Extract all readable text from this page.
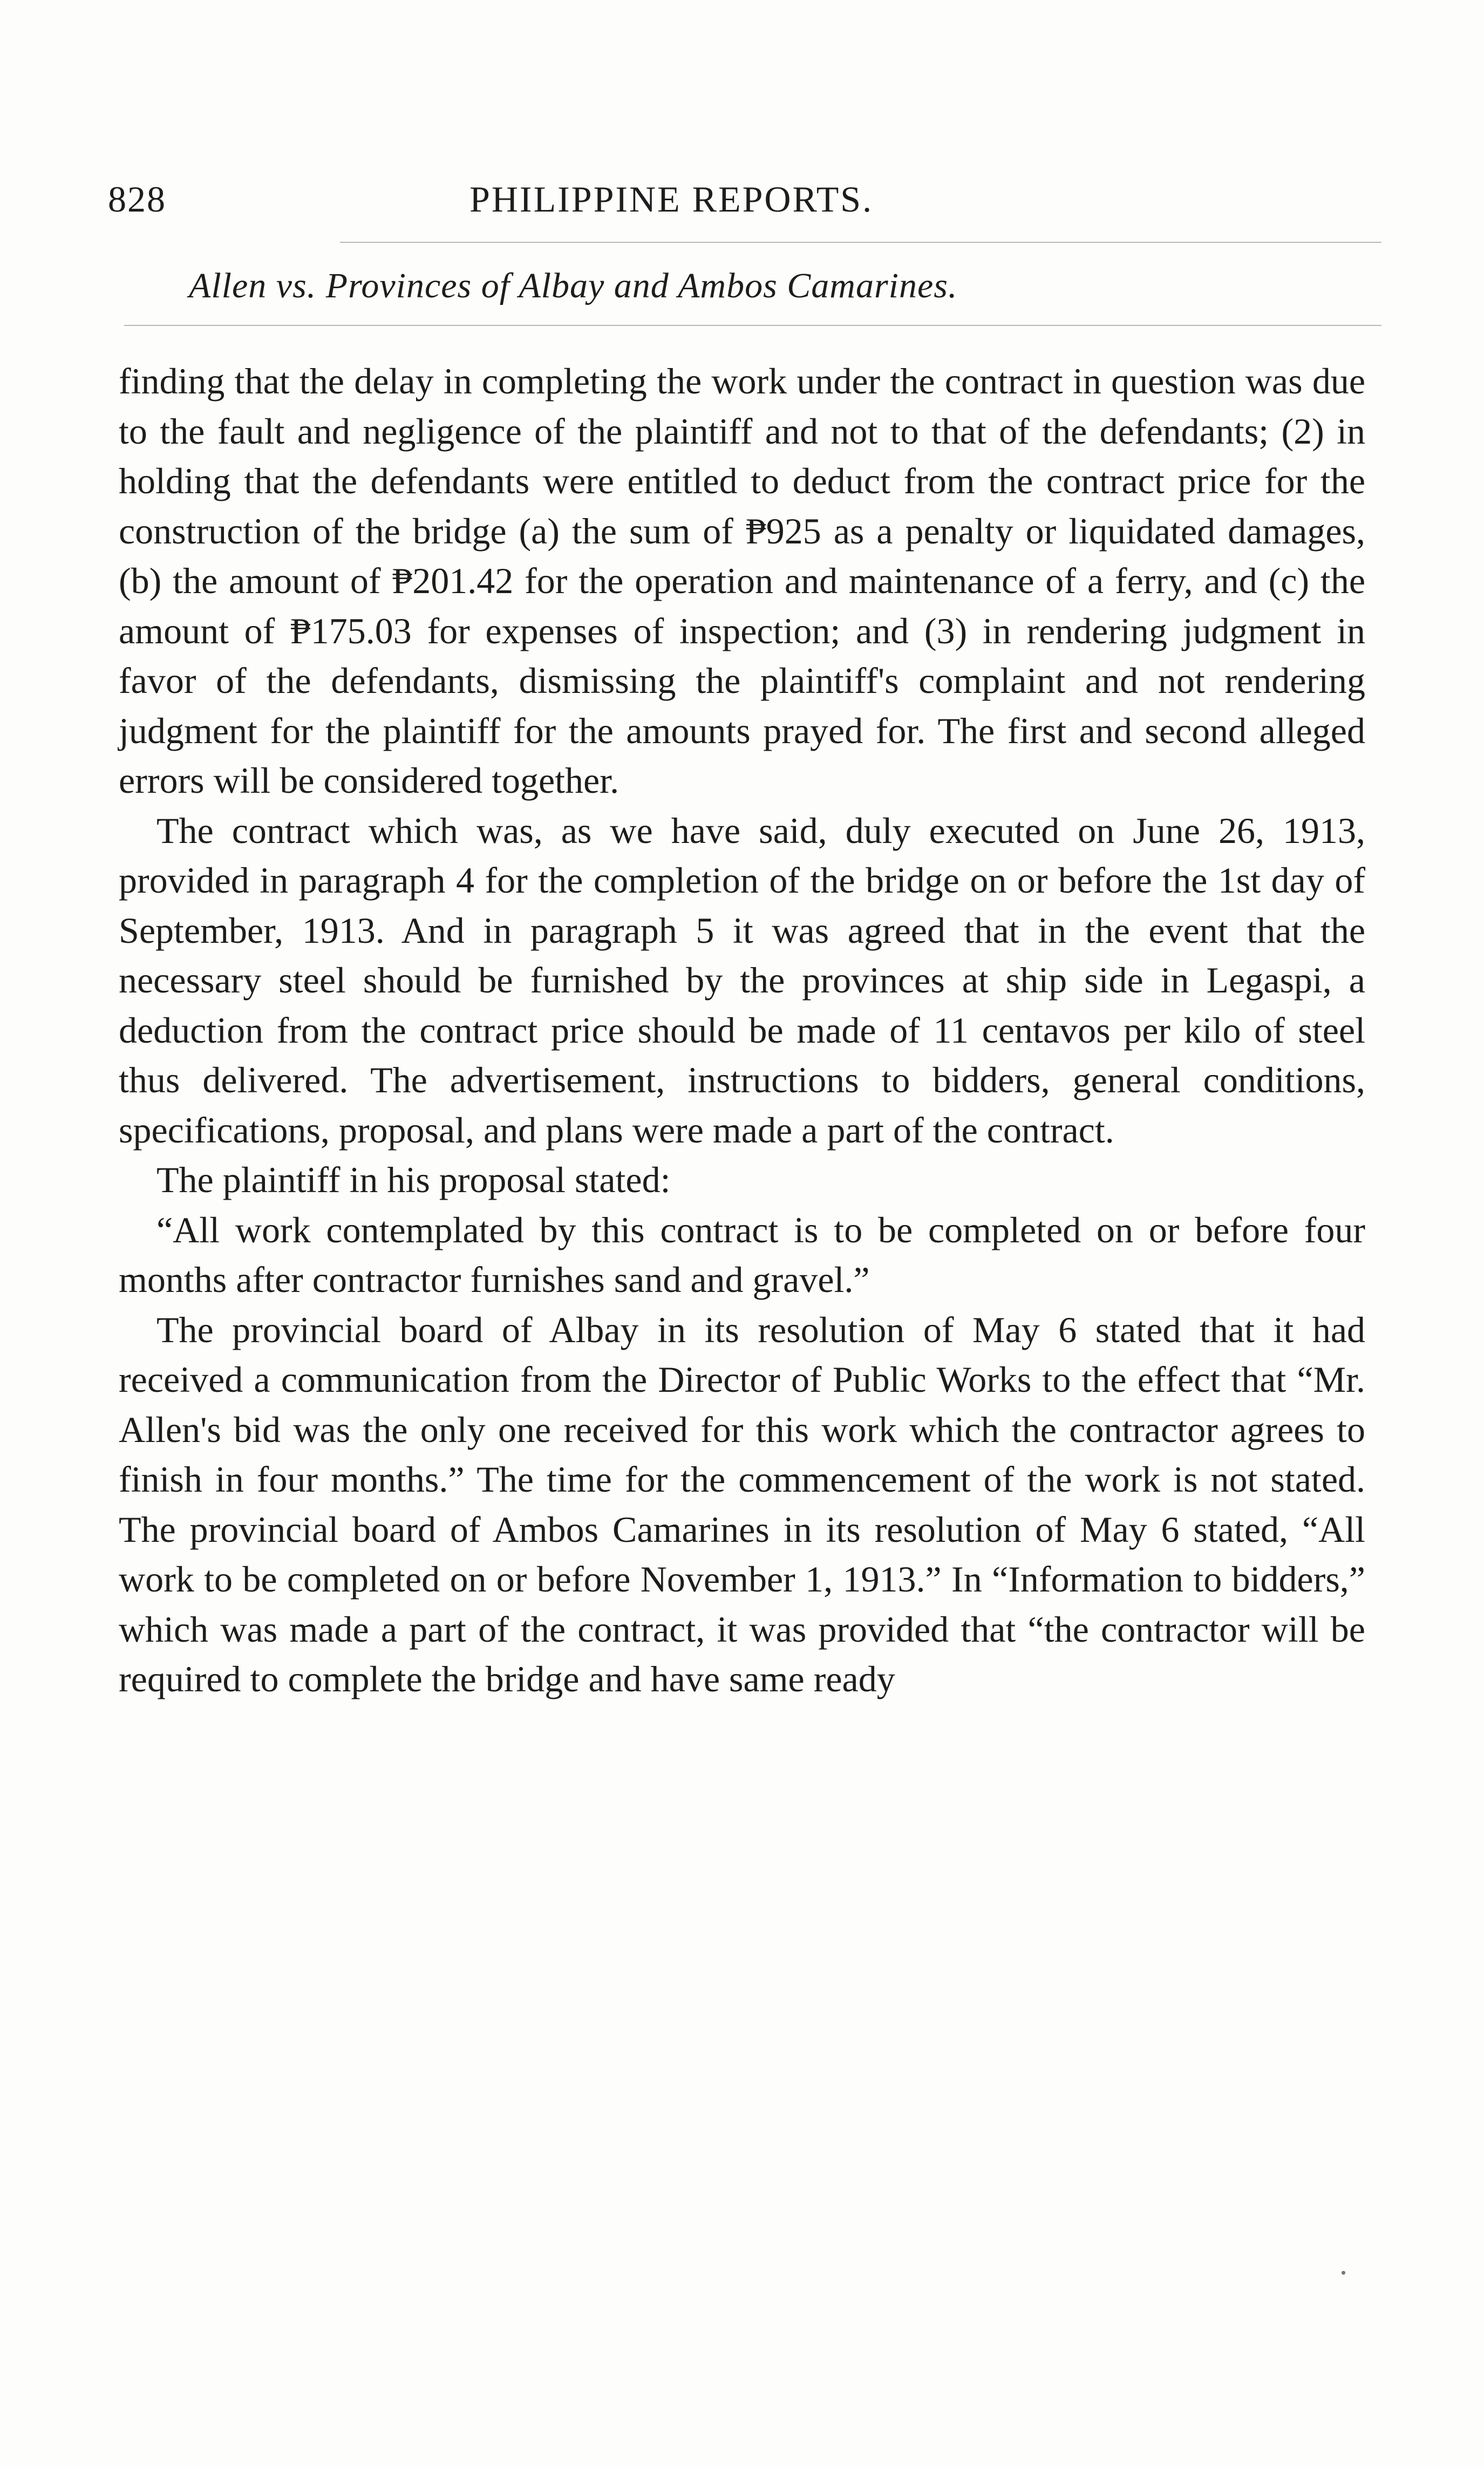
828	PHILIPPINE REPORTS.
Allen vs. Provinces of Albay and Ambos Camarines.

finding that the delay in completing the work under the contract in question was due to the fault and negligence of the plaintiff and not to that of the defendants; (2) in holding that the defendants were entitled to deduct from the contract price for the construction of the bridge (a) the sum of ₱925 as a penalty or liquidated damages, (b) the amount of ₱201.42 for the operation and maintenance of a ferry, and (c) the amount of ₱175.03 for expenses of inspection; and (3) in rendering judgment in favor of the defendants, dismissing the plaintiff's complaint and not rendering judgment for the plaintiff for the amounts prayed for. The first and second alleged errors will be considered together.

The contract which was, as we have said, duly executed on June 26, 1913, provided in paragraph 4 for the completion of the bridge on or before the 1st day of September, 1913. And in paragraph 5 it was agreed that in the event that the necessary steel should be furnished by the provinces at ship side in Legaspi, a deduction from the contract price should be made of 11 centavos per kilo of steel thus delivered. The advertisement, instructions to bidders, general conditions, specifications, proposal, and plans were made a part of the contract.

The plaintiff in his proposal stated:

“All work contemplated by this contract is to be completed on or before four months after contractor furnishes sand and gravel.”

The provincial board of Albay in its resolution of May 6 stated that it had received a communication from the Director of Public Works to the effect that “Mr. Allen's bid was the only one received for this work which the contractor agrees to finish in four months.” The time for the commencement of the work is not stated. The provincial board of Ambos Camarines in its resolution of May 6 stated, “All work to be completed on or before November 1, 1913.” In “Information to bidders,” which was made a part of the contract, it was provided that “the contractor will be required to complete the bridge and have same ready

.
